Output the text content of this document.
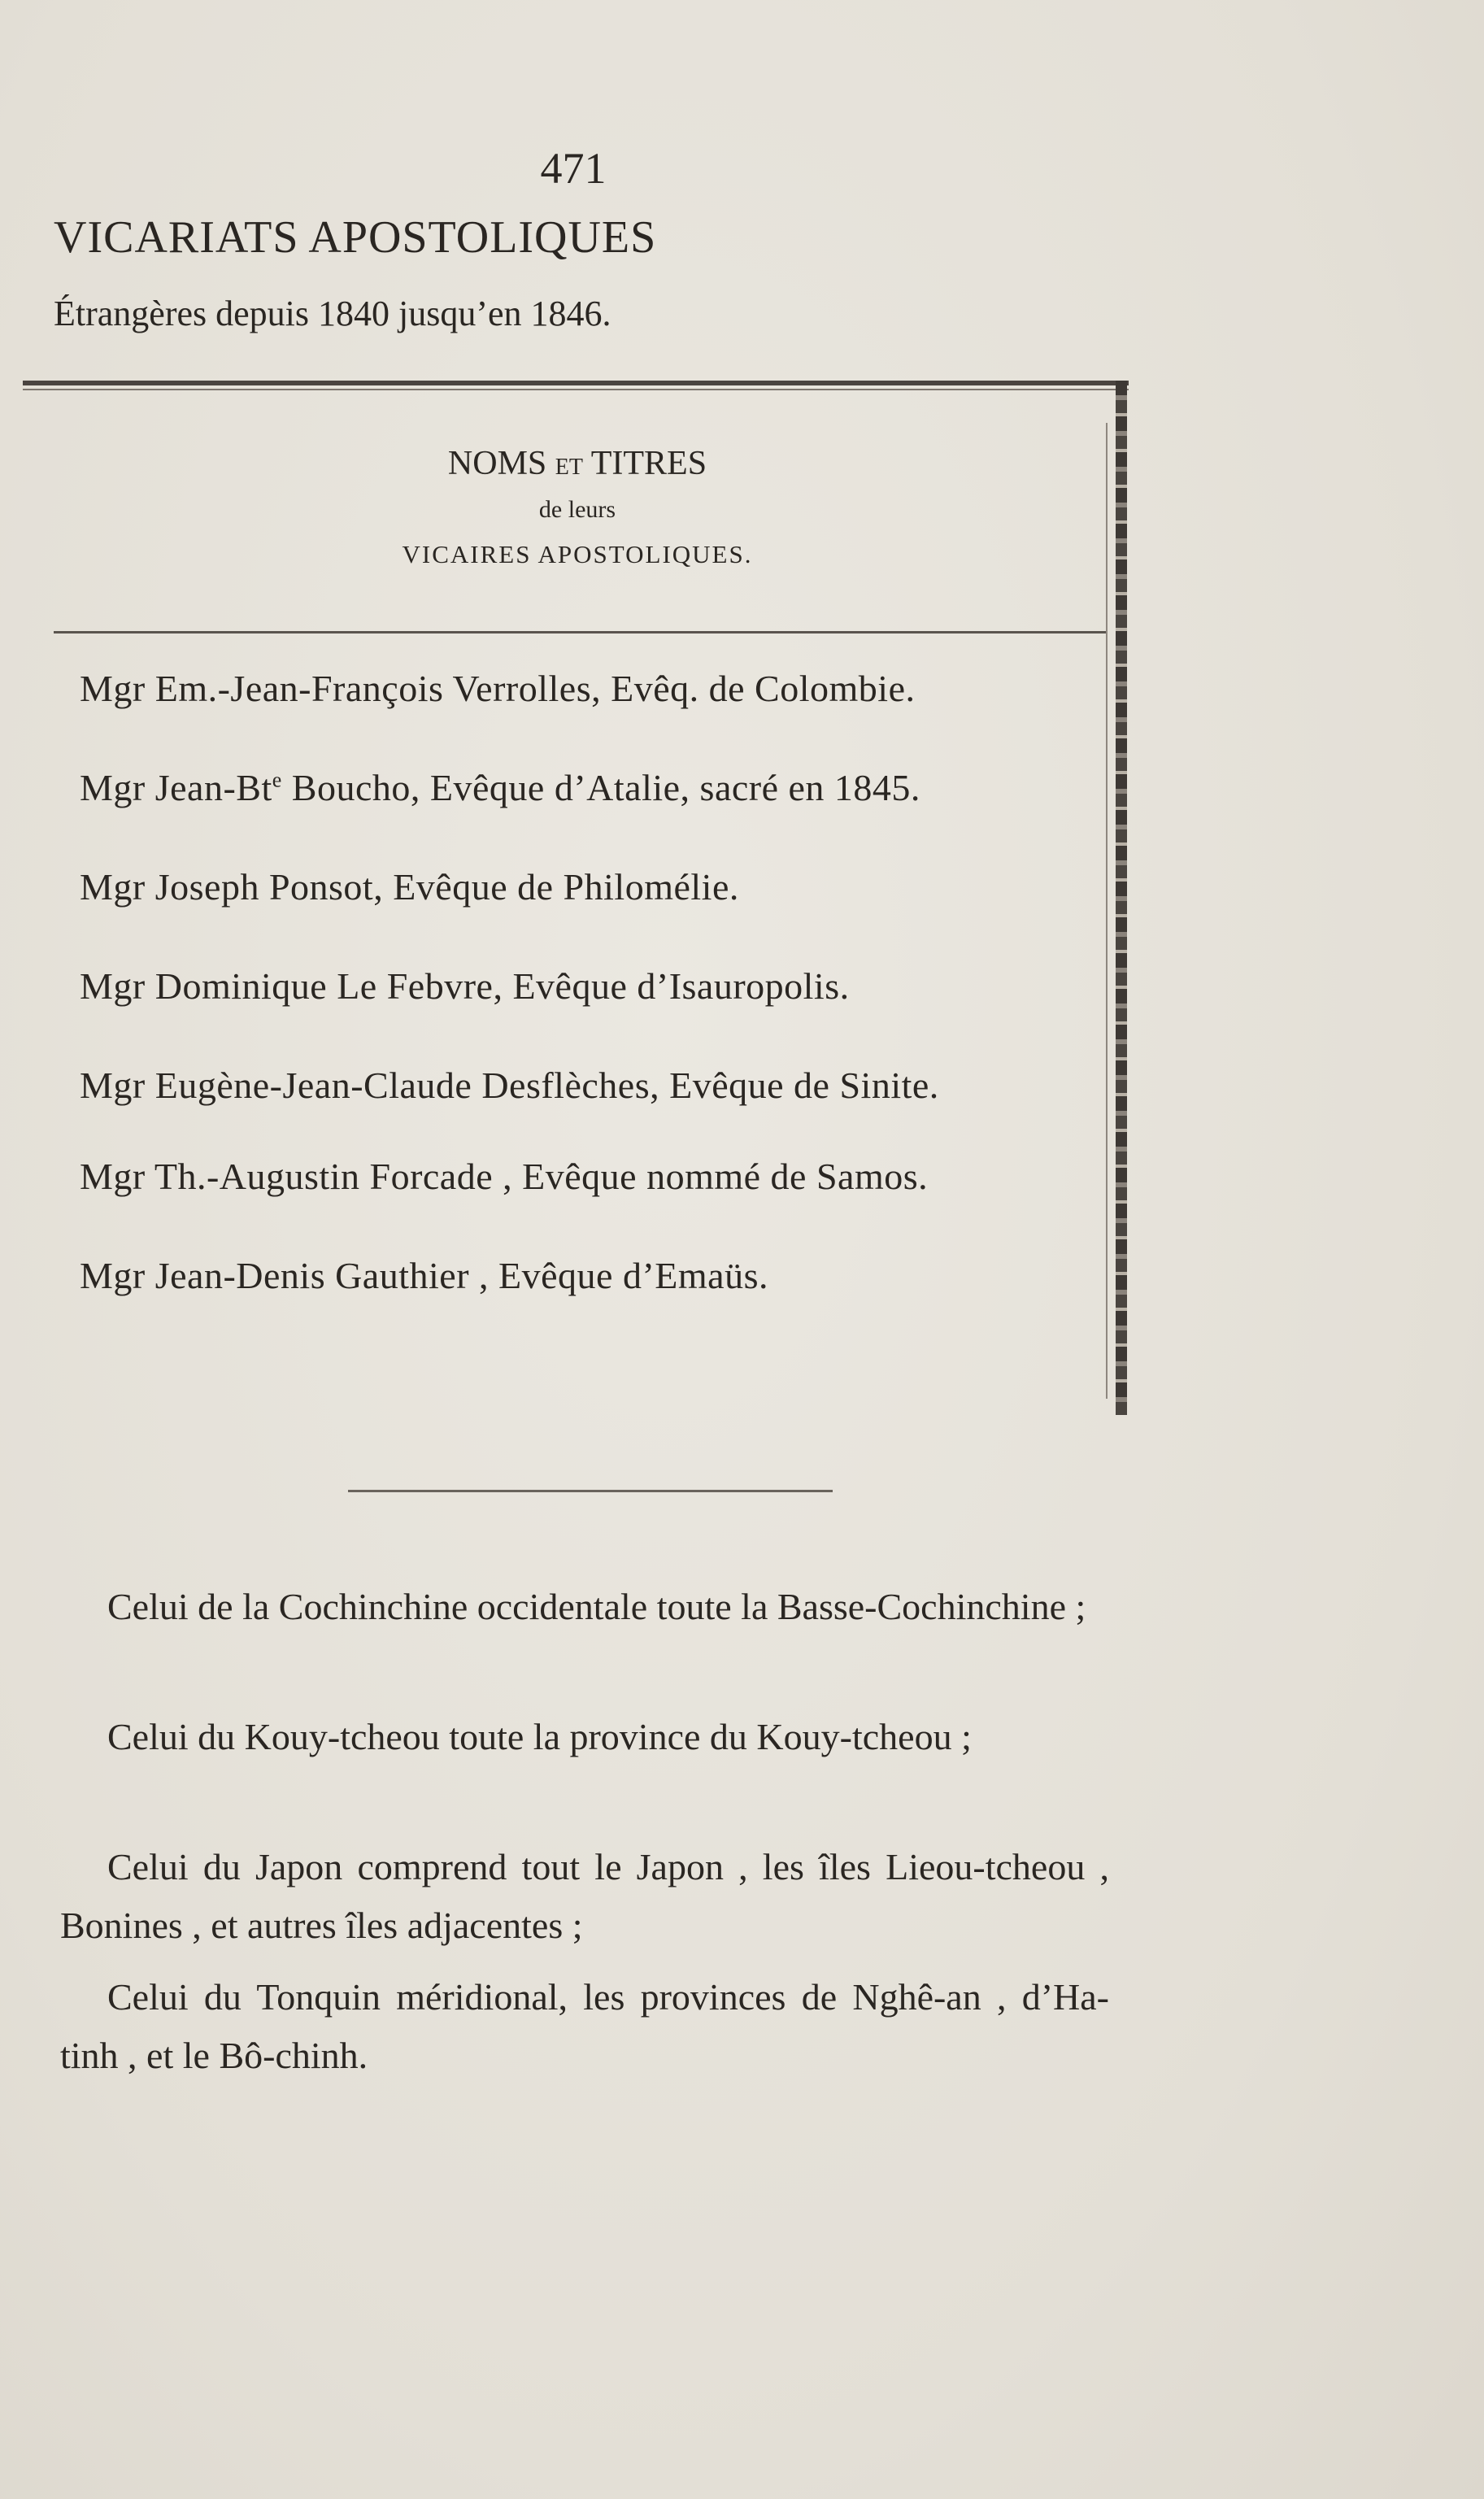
471
VICARIATS APOSTOLIQUES
Étrangères depuis 1840 jusqu’en 1846.
NOMS ET TITRES
de leurs
VICAIRES APOSTOLIQUES.
Mgr Em.-Jean-François Verrolles, Evêq. de Colombie.
Mgr Jean-Bt$^e$ Boucho, Evêque d’Atalie, sacré en 1845.
Mgr Joseph Ponsot, Evêque de Philomélie.
Mgr Dominique Le Febvre, Evêque d’Isauropolis.
Mgr Eugène-Jean-Claude Desflèches, Evêque de Sinite.
Mgr Th.-Augustin Forcade , Evêque nommé de Samos.
Mgr Jean-Denis Gauthier , Evêque d’Emaüs.
Celui de la Cochinchine occidentale toute la Basse-Cochinchine ;
Celui du Kouy-tcheou toute la province du Kouy-tcheou ;
Celui du Japon comprend tout le Japon , les îles Lieou-tcheou , Bonines , et autres îles adjacentes ;
Celui du Tonquin méridional, les provinces de Nghê-an , d’Ha-tinh , et le Bô-chinh.
